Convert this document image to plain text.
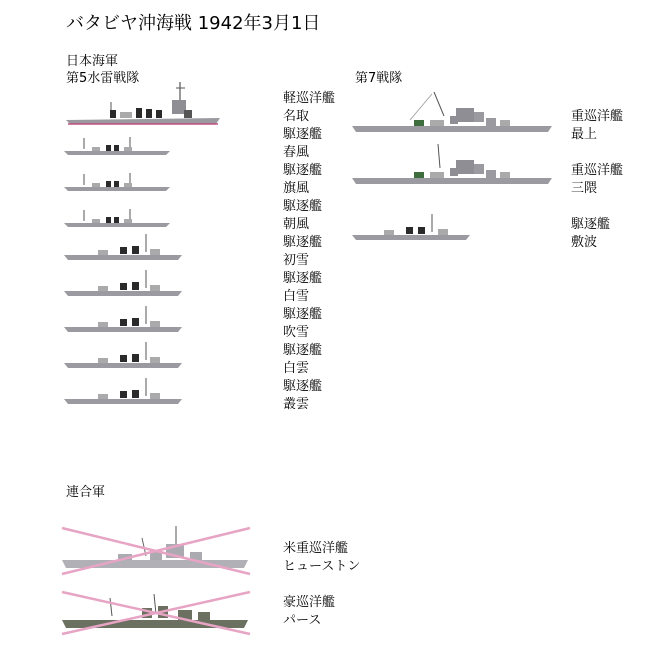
バタビヤ沖海戦 1942年3月1日
日本海軍
第5水雷戦隊	第7戦隊
軽巡洋艦
名取
駆逐艦
春風
駆逐艦
旗風
駆逐艦
朝風
駆逐艦
初雪
駆逐艦
白雪
駆逐艦
吹雪
駆逐艦
白雲
駆逐艦
叢雲
重巡洋艦
最上
重巡洋艦
三隈
駆逐艦
敷波
連合軍
米重巡洋艦
ヒューストン
豪巡洋艦
パース
